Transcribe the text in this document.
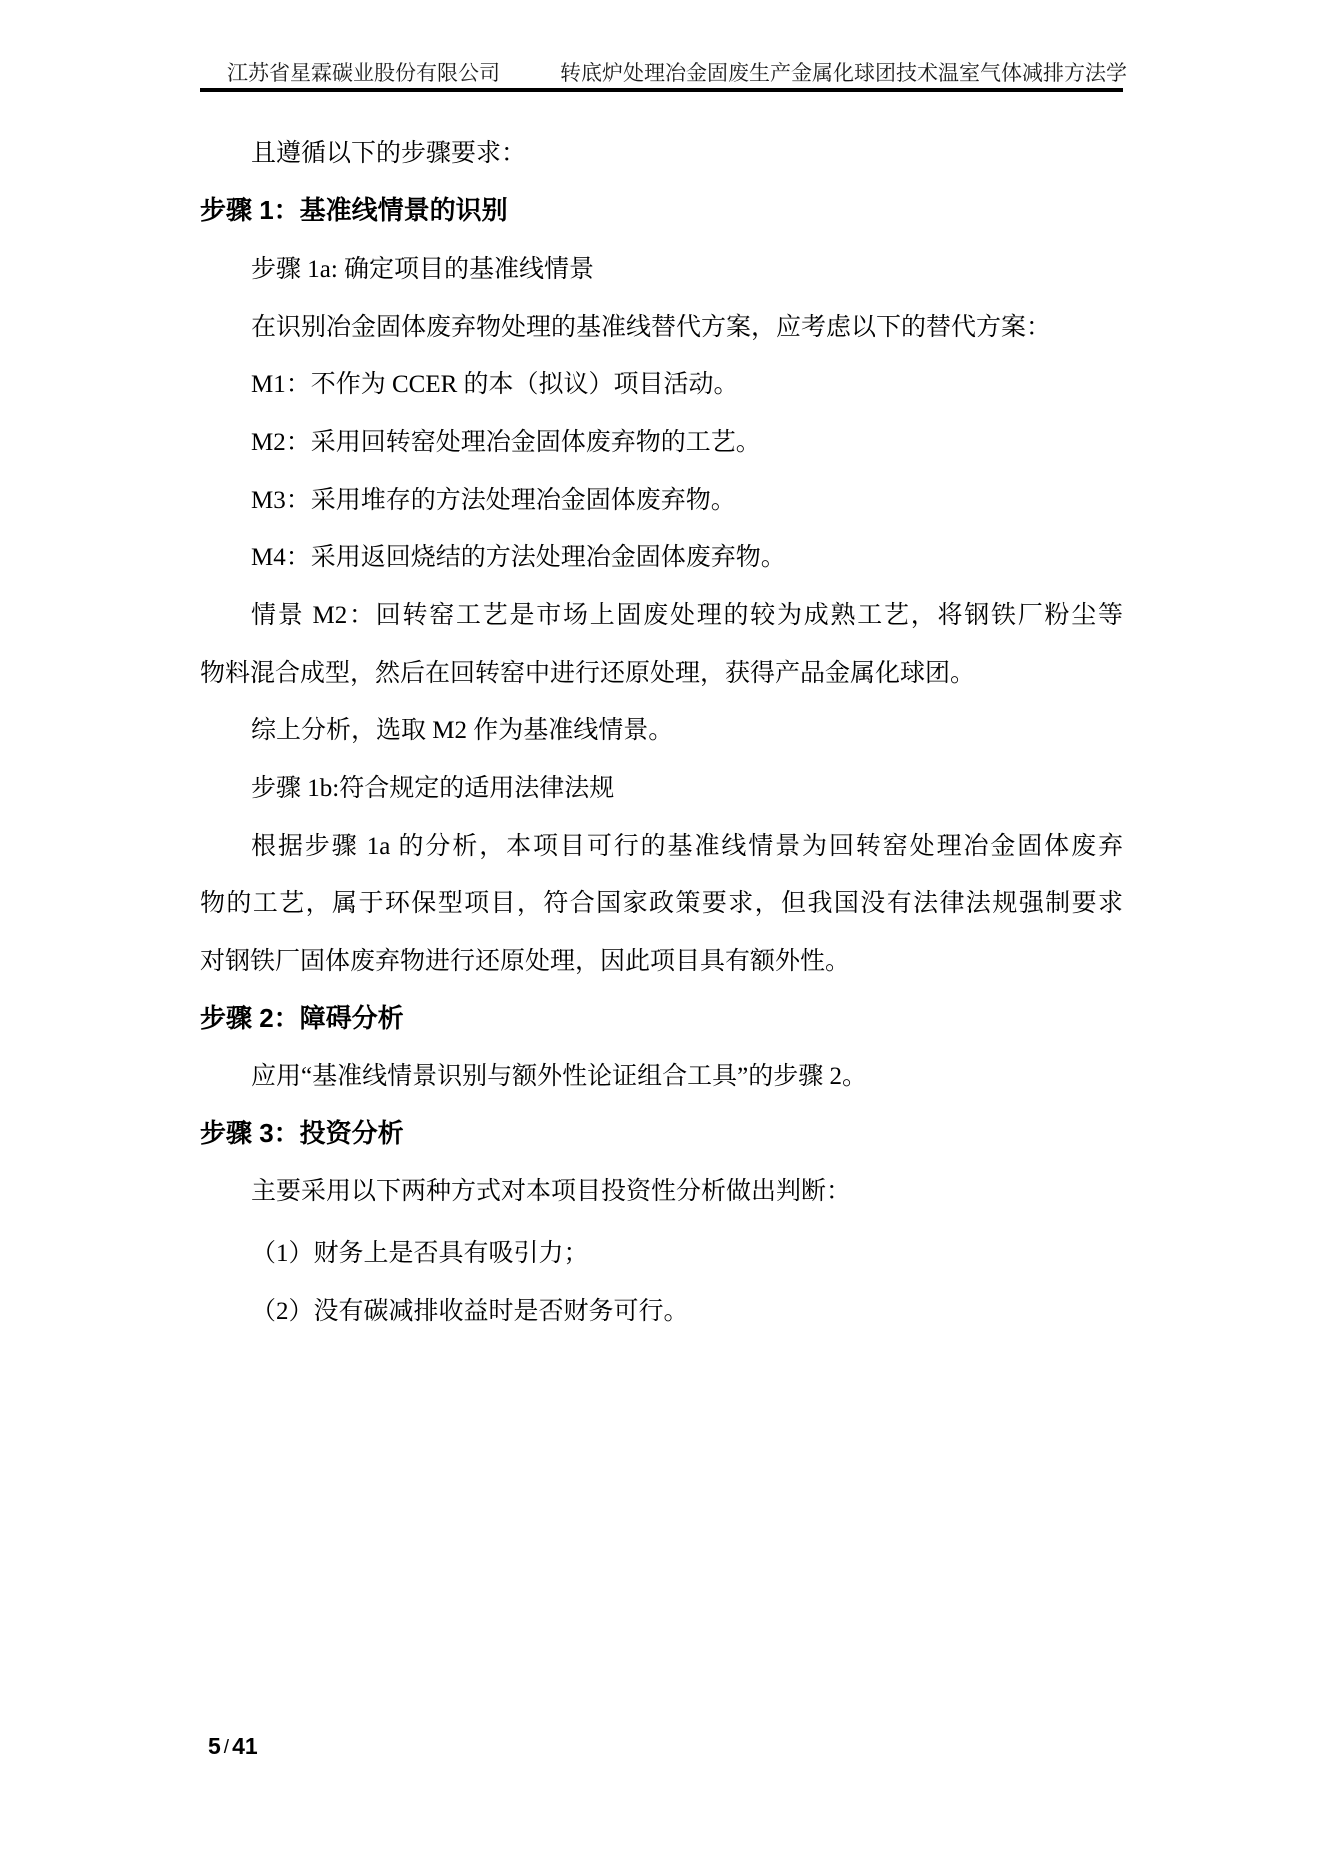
江苏省星霖碳业股份有限公司	转底炉处理冶金固废生产金属化球团技术温室气体减排方法学
且遵循以下的步骤要求：
步骤 1：基准线情景的识别
步骤 1a: 确定项目的基准线情景
在识别冶金固体废弃物处理的基准线替代方案，应考虑以下的替代方案：
M1：不作为 CCER 的本（拟议）项目活动。
M2：采用回转窑处理冶金固体废弃物的工艺。
M3：采用堆存的方法处理冶金固体废弃物。
M4：采用返回烧结的方法处理冶金固体废弃物。
情景 M2：回转窑工艺是市场上固废处理的较为成熟工艺，将钢铁厂粉尘等
物料混合成型，然后在回转窑中进行还原处理，获得产品金属化球团。
综上分析，选取 M2 作为基准线情景。
步骤 1b:符合规定的适用法律法规
根据步骤 1a 的分析，本项目可行的基准线情景为回转窑处理冶金固体废弃
物的工艺，属于环保型项目，符合国家政策要求，但我国没有法律法规强制要求
对钢铁厂固体废弃物进行还原处理，因此项目具有额外性。
步骤 2：障碍分析
应用“基准线情景识别与额外性论证组合工具”的步骤 2。
步骤 3：投资分析
主要采用以下两种方式对本项目投资性分析做出判断：
（1）财务上是否具有吸引力；
（2）没有碳减排收益时是否财务可行。
5 / 41
